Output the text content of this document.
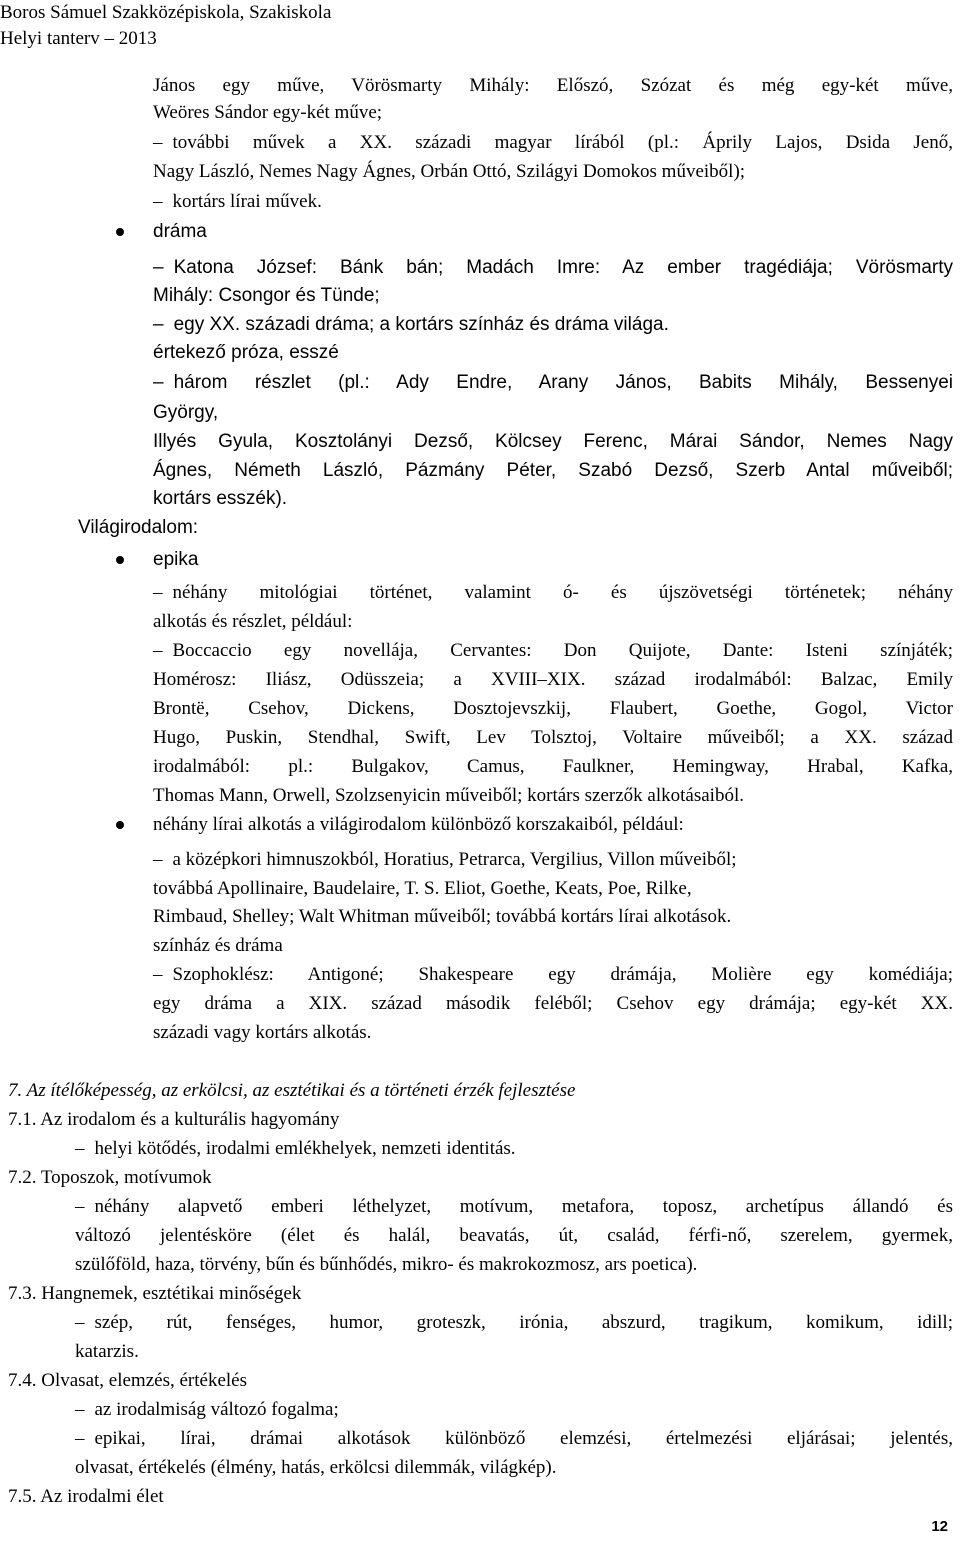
Boros Sámuel Szakközépiskola, Szakiskola
Helyi tanterv – 2013
János egy műve, Vörösmarty Mihály: Előszó, Szózat és még egy-két műve,
Weöres Sándor egy-két műve;
– további művek a XX. századi magyar lírából (pl.: Áprily Lajos, Dsida Jenő,
Nagy László, Nemes Nagy Ágnes, Orbán Ottó, Szilágyi Domokos műveiből);
– kortárs lírai művek.
dráma
– Katona József: Bánk bán; Madách Imre: Az ember tragédiája; Vörösmarty
Mihály: Csongor és Tünde;
– egy XX. századi dráma; a kortárs színház és dráma világa.
értekező próza, esszé
– három részlet (pl.: Ady Endre, Arany János, Babits Mihály, Bessenyei
György,
Illyés Gyula, Kosztolányi Dezső, Kölcsey Ferenc, Márai Sándor, Nemes Nagy
Ágnes, Németh László, Pázmány Péter, Szabó Dezső, Szerb Antal műveiből;
kortárs esszék).
Világirodalom:
epika
– néhány mitológiai történet, valamint ó- és újszövetségi történetek; néhány
alkotás és részlet, például:
– Boccaccio egy novellája, Cervantes: Don Quijote, Dante: Isteni színjáték;
Homérosz: Iliász, Odüsszeia; a XVIII–XIX. század irodalmából: Balzac, Emily
Brontë, Csehov, Dickens, Dosztojevszkij, Flaubert, Goethe, Gogol, Victor
Hugo, Puskin, Stendhal, Swift, Lev Tolsztoj, Voltaire műveiből; a XX. század
irodalmából: pl.: Bulgakov, Camus, Faulkner, Hemingway, Hrabal, Kafka,
Thomas Mann, Orwell, Szolzsenyicin műveiből; kortárs szerzők alkotásaiból.
néhány lírai alkotás a világirodalom különböző korszakaiból, például:
– a középkori himnuszokból, Horatius, Petrarca, Vergilius, Villon műveiből;
továbbá Apollinaire, Baudelaire, T. S. Eliot, Goethe, Keats, Poe, Rilke,
Rimbaud, Shelley; Walt Whitman műveiből; továbbá kortárs lírai alkotások.
színház és dráma
– Szophoklész: Antigoné; Shakespeare egy drámája, Molière egy komédiája;
egy dráma a XIX. század második feléből; Csehov egy drámája; egy-két XX.
századi vagy kortárs alkotás.
7. Az ítélőképesség, az erkölcsi, az esztétikai és a történeti érzék fejlesztése
7.1. Az irodalom és a kulturális hagyomány
– helyi kötődés, irodalmi emlékhelyek, nemzeti identitás.
7.2. Toposzok, motívumok
– néhány alapvető emberi léthelyzet, motívum, metafora, toposz, archetípus állandó és
változó jelentésköre (élet és halál, beavatás, út, család, férfi-nő, szerelem, gyermek,
szülőföld, haza, törvény, bűn és bűnhődés, mikro- és makrokozmosz, ars poetica).
7.3. Hangnemek, esztétikai minőségek
– szép, rút, fenséges, humor, groteszk, irónia, abszurd, tragikum, komikum, idill;
katarzis.
7.4. Olvasat, elemzés, értékelés
– az irodalmiság változó fogalma;
– epikai, lírai, drámai alkotások különböző elemzési, értelmezési eljárásai; jelentés,
olvasat, értékelés (élmény, hatás, erkölcsi dilemmák, világkép).
7.5. Az irodalmi élet
12
